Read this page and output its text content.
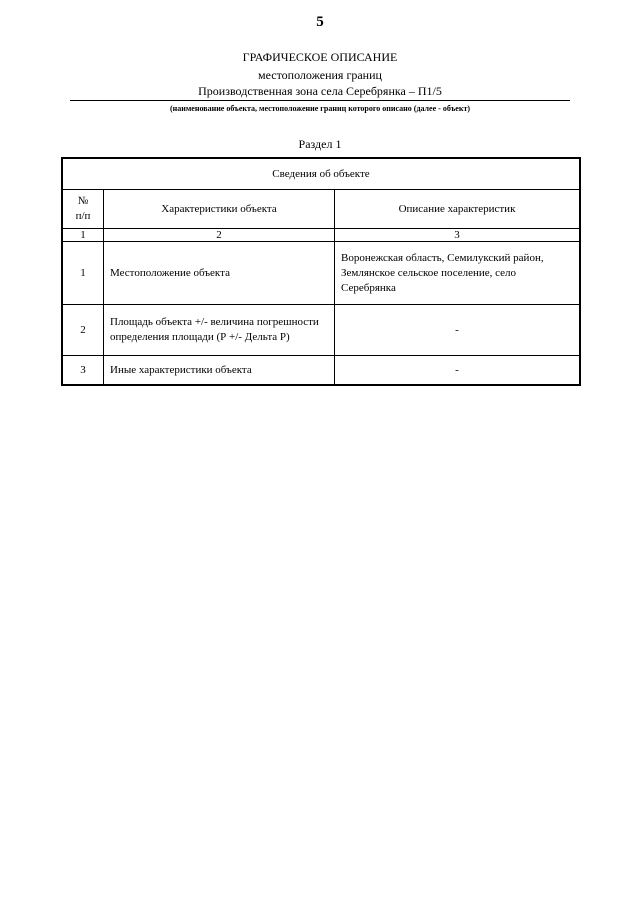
5
ГРАФИЧЕСКОЕ ОПИСАНИЕ
местоположения границ
Производственная зона села Серебрянка – П1/5
(наименование объекта, местоположение границ которого описано (далее - объект)
Раздел 1
Сведения об объекте		
№
п/п	Характеристики объекта	Описание характеристик
1	2	3
1	Местоположение объекта	Воронежская область, Семилукский район, Землянское сельское поселение, село Серебрянка
2	Площадь объекта +/- величина погрешности определения площади (Р +/- Дельта Р)	-
3	Иные характеристики объекта	-
